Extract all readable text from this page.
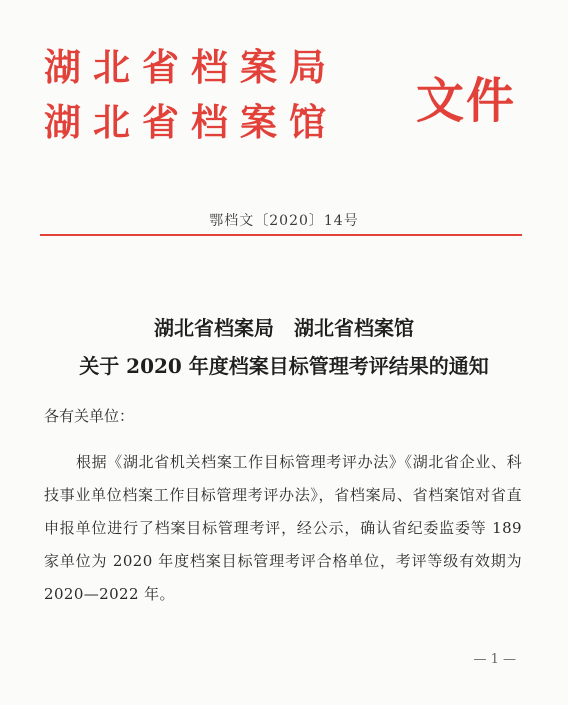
湖北省档案局
湖北省档案馆 文件
鄂档文〔2020〕14号
湖北省档案局　湖北省档案馆
关于 2020 年度档案目标管理考评结果的通知
各有关单位：
根据《湖北省机关档案工作目标管理考评办法》《湖北省企业、科技事业单位档案工作目标管理考评办法》，省档案局、省档案馆对省直申报单位进行了档案目标管理考评，经公示，确认省纪委监委等 189 家单位为 2020 年度档案目标管理考评合格单位，考评等级有效期为 2020—2022 年。
— 1 —
